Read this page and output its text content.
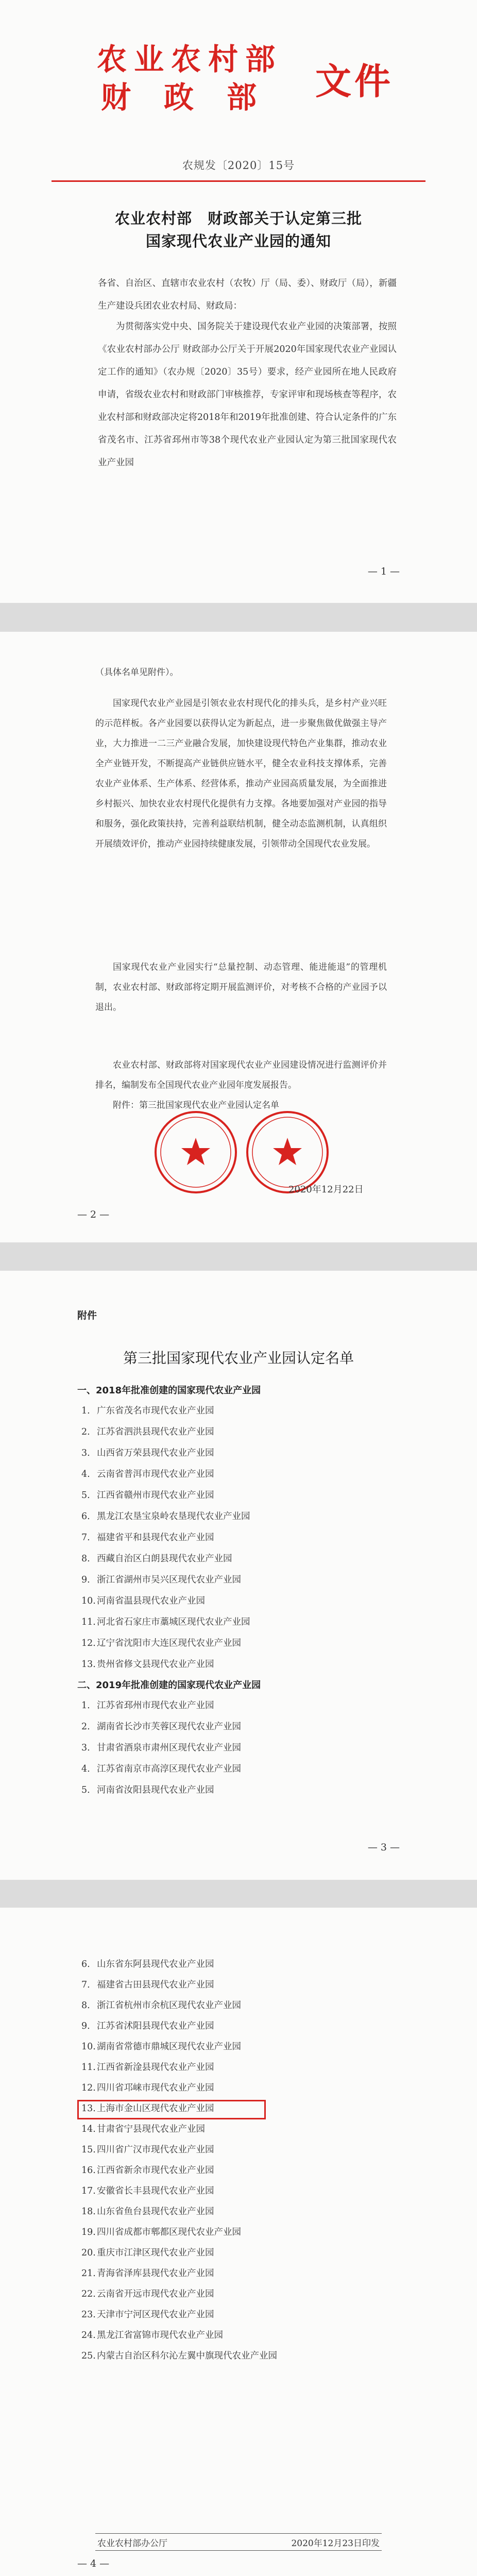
农业农村部
财 政 部	文件
农规发〔2020〕15号
农业农村部　财政部关于认定第三批
国家现代农业产业园的通知
各省、自治区、直辖市农业农村（农牧）厅（局、委）、财政厅（局），新疆生产建设兵团农业农村局、财政局：
为贯彻落实党中央、国务院关于建设现代农业产业园的决策部署，按照《农业农村部办公厅 财政部办公厅关于开展2020年国家现代农业产业园认定工作的通知》（农办规〔2020〕35号）要求，经产业园所在地人民政府申请，省级农业农村和财政部门审核推荐，专家评审和现场核查等程序，农业农村部和财政部决定将2018年和2019年批准创建、符合认定条件的广东省茂名市、江苏省邳州市等38个现代农业产业园认定为第三批国家现代农业产业园
— 1 —
（具体名单见附件）。
国家现代农业产业园是引领农业农村现代化的排头兵，是乡村产业兴旺的示范样板。各产业园要以获得认定为新起点，进一步聚焦做优做强主导产业，大力推进一二三产业融合发展，加快建设现代特色产业集群，推动农业全产业链开发，不断提高产业链供应链水平，健全农业科技支撑体系，完善农业产业体系、生产体系、经营体系，推动产业园高质量发展，为全面推进乡村振兴、加快农业农村现代化提供有力支撑。各地要加强对产业园的指导和服务，强化政策扶持，完善利益联结机制，健全动态监测机制，认真组织开展绩效评价，推动产业园持续健康发展，引领带动全国现代农业发展。
国家现代农业产业园实行“总量控制、动态管理、能进能退”的管理机制，农业农村部、财政部将定期开展监测评价，对考核不合格的产业园予以退出。
农业农村部、财政部将对国家现代农业产业园建设情况进行监测评价并排名，编制发布全国现代农业产业园年度发展报告。
附件：第三批国家现代农业产业园认定名单
2020年12月22日
— 2 —
附件
第三批国家现代农业产业园认定名单
一、2018年批准创建的国家现代农业产业园
1. 广东省茂名市现代农业产业园
2. 江苏省泗洪县现代农业产业园
3. 山西省万荣县现代农业产业园
4. 云南省普洱市现代农业产业园
5. 江西省赣州市现代农业产业园
6. 黑龙江农垦宝泉岭农垦现代农业产业园
7. 福建省平和县现代农业产业园
8. 西藏自治区白朗县现代农业产业园
9. 浙江省湖州市吴兴区现代农业产业园
10. 河南省温县现代农业产业园
11. 河北省石家庄市藁城区现代农业产业园
12. 辽宁省沈阳市大连区现代农业产业园
13. 贵州省修文县现代农业产业园
二、2019年批准创建的国家现代农业产业园
1. 江苏省邳州市现代农业产业园
2. 湖南省长沙市芙蓉区现代农业产业园
3. 甘肃省酒泉市肃州区现代农业产业园
4. 江苏省南京市高淳区现代农业产业园
5. 河南省汝阳县现代农业产业园
— 3 —
6. 山东省东阿县现代农业产业园
7. 福建省古田县现代农业产业园
8. 浙江省杭州市余杭区现代农业产业园
9. 江苏省沭阳县现代农业产业园
10. 湖南省常德市鼎城区现代农业产业园
11. 江西省新淦县现代农业产业园
12. 四川省邛崃市现代农业产业园
13. 上海市金山区现代农业产业园
14. 甘肃省宁县现代农业产业园
15. 四川省广汉市现代农业产业园
16. 江西省新余市现代农业产业园
17. 安徽省长丰县现代农业产业园
18. 山东省鱼台县现代农业产业园
19. 四川省成都市郫都区现代农业产业园
20. 重庆市江津区现代农业产业园
21. 青海省泽库县现代农业产业园
22. 云南省开远市现代农业产业园
23. 天津市宁河区现代农业产业园
24. 黑龙江省富锦市现代农业产业园
25. 内蒙古自治区科尔沁左翼中旗现代农业产业园
农业农村部办公厅	2020年12月23日印发
— 4 —
